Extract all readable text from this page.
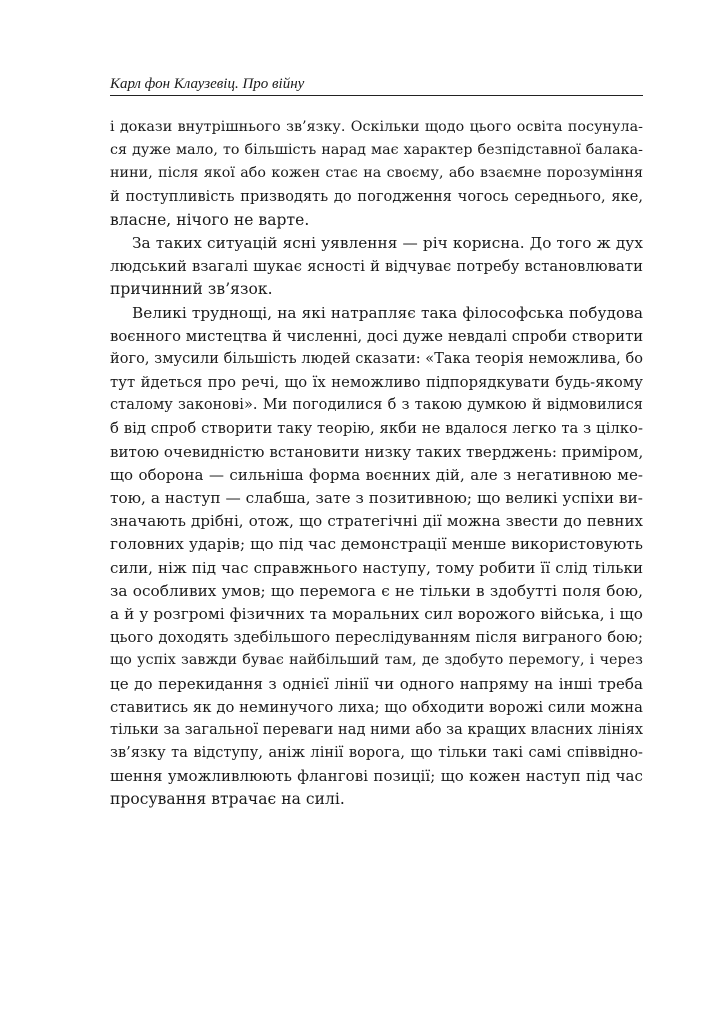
Карл фон Клаузевіц. Про війну
і докази внутрішнього зв’язку. Оскільки щодо цього освіта посунула-
ся дуже мало, то більшість нарад має характер безпідставної балака-
нини, після якої або кожен стає на своєму, або взаємне порозуміння
й поступливість призводять до погодження чогось середнього, яке,
власне, нічого не варте.
За таких ситуацій ясні уявлення — річ корисна. До того ж дух
людський взагалі шукає ясності й відчуває потребу встановлювати
причинний зв’язок.
Великі труднощі, на які натрапляє така філософська побудова
воєнного мистецтва й численні, досі дуже невдалі спроби створити
його, змусили більшість людей сказати: «Така теорія неможлива, бо
тут йдеться про речі, що їх неможливо підпорядкувати будь-якому
сталому законові». Ми погодилися б з такою думкою й відмовилися
б від спроб створити таку теорію, якби не вдалося легко та з цілко-
витою очевидністю встановити низку таких тверджень: приміром,
що оборона — сильніша форма воєнних дій, але з негативною ме-
тою, а наступ — слабша, зате з позитивною; що великі успіхи ви-
значають дрібні, отож, що стратегічні дії можна звести до певних
головних ударів; що під час демонстрації менше використовують
сили, ніж під час справжнього наступу, тому робити її слід тільки
за особливих умов; що перемога є не тільки в здобутті поля бою,
а й у розгромі фізичних та моральних сил ворожого війська, і що
цього доходять здебільшого переслідуванням після виграного бою;
що успіх завжди буває найбільший там, де здобуто перемогу, і через
це до перекидання з однієї лінії чи одного напряму на інші треба
ставитись як до неминучого лиха; що обходити ворожі сили можна
тільки за загальної переваги над ними або за кращих власних лініях
зв’язку та відступу, аніж лінії ворога, що тільки такі самі співвідно-
шення уможливлюють флангові позиції; що кожен наступ під час
просування втрачає на силі.
